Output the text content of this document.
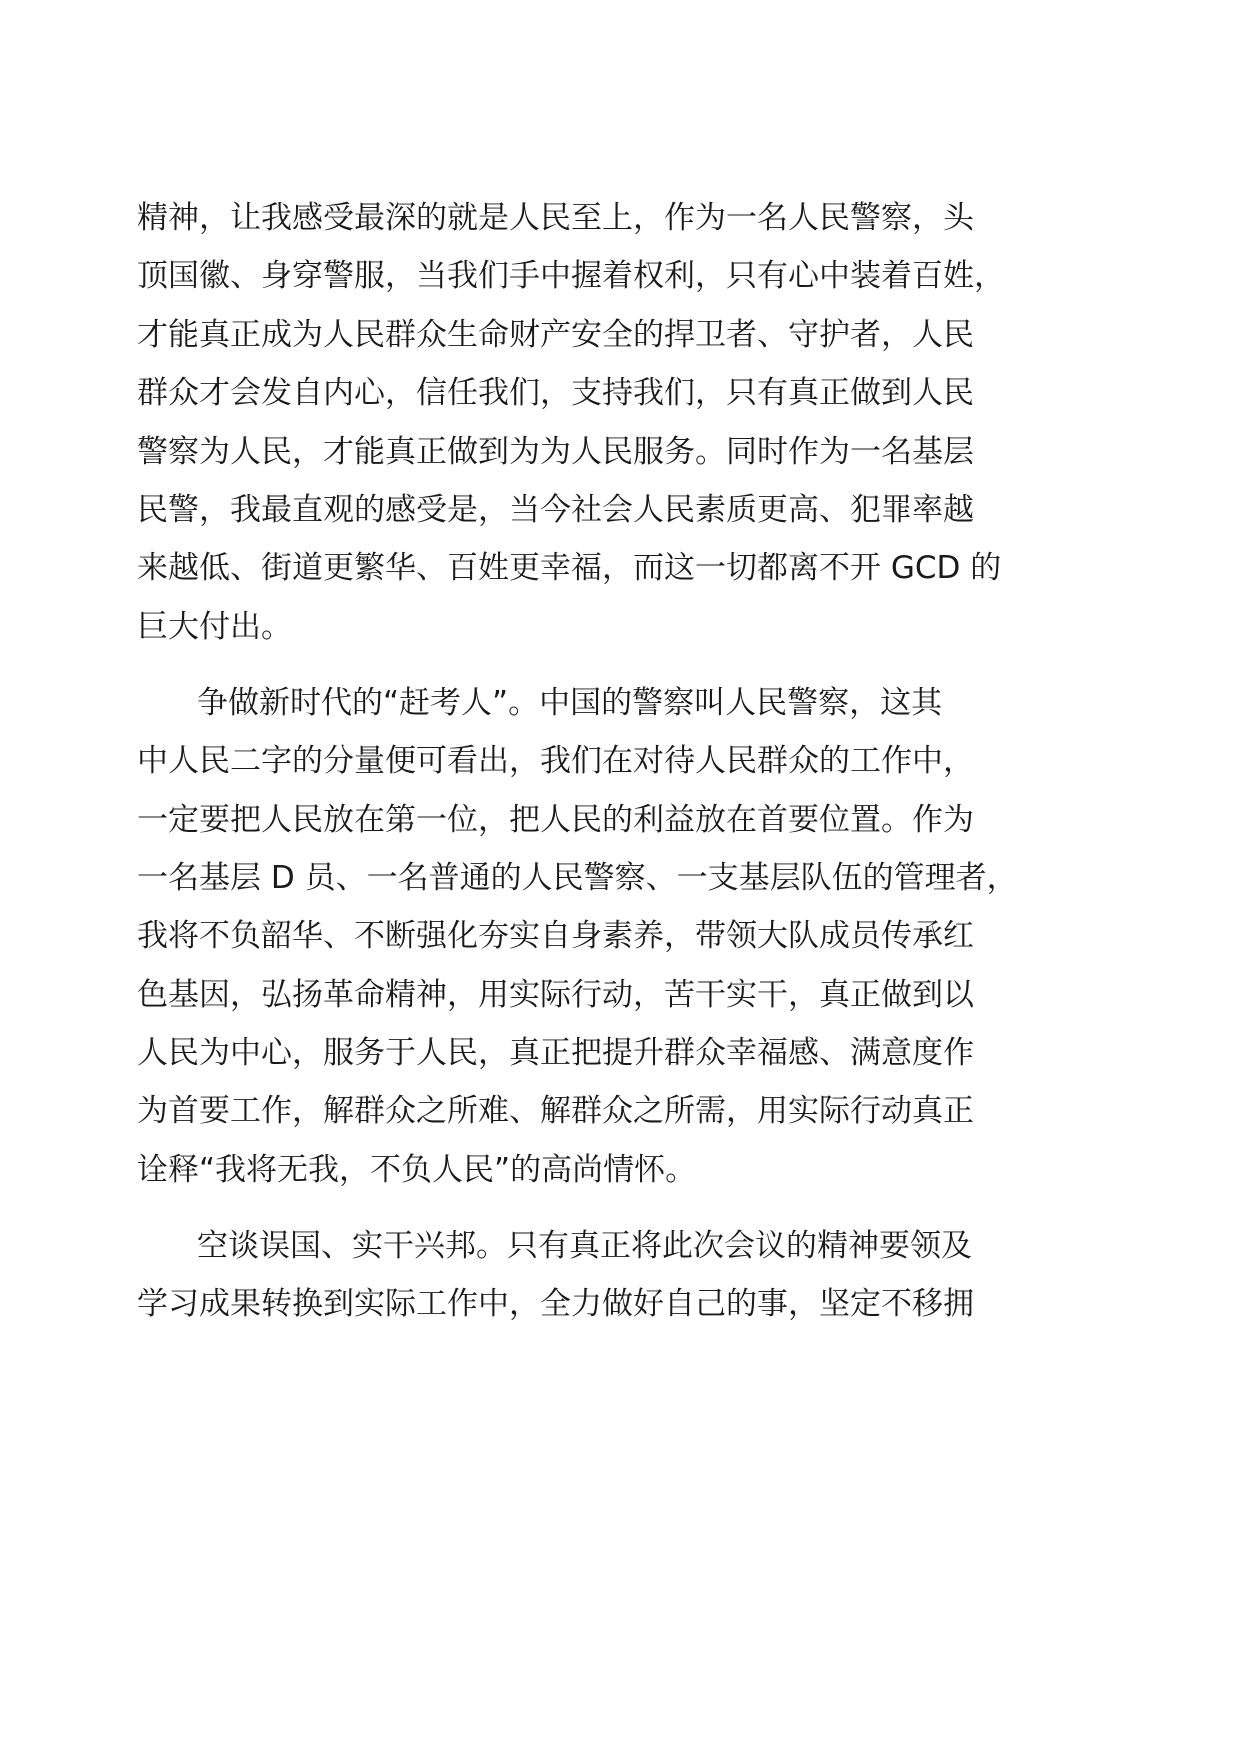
精神，让我感受最深的就是人民至上，作为一名人民警察，头
顶国徽、身穿警服，当我们手中握着权利，只有心中装着百姓，
才能真正成为人民群众生命财产安全的捍卫者、守护者，人民
群众才会发自内心，信任我们，支持我们，只有真正做到人民
警察为人民，才能真正做到为为人民服务。同时作为一名基层
民警，我最直观的感受是，当今社会人民素质更高、犯罪率越
来越低、街道更繁华、百姓更幸福，而这一切都离不开 GCD 的
巨大付出。
争做新时代的“赶考人”。中国的警察叫人民警察，这其
中人民二字的分量便可看出，我们在对待人民群众的工作中，
一定要把人民放在第一位，把人民的利益放在首要位置。作为
一名基层 D 员、一名普通的人民警察、一支基层队伍的管理者，
我将不负韶华、不断强化夯实自身素养，带领大队成员传承红
色基因，弘扬革命精神，用实际行动，苦干实干，真正做到以
人民为中心，服务于人民，真正把提升群众幸福感、满意度作
为首要工作，解群众之所难、解群众之所需，用实际行动真正
诠释“我将无我，不负人民”的高尚情怀。
空谈误国、实干兴邦。只有真正将此次会议的精神要领及
学习成果转换到实际工作中，全力做好自己的事，坚定不移拥
